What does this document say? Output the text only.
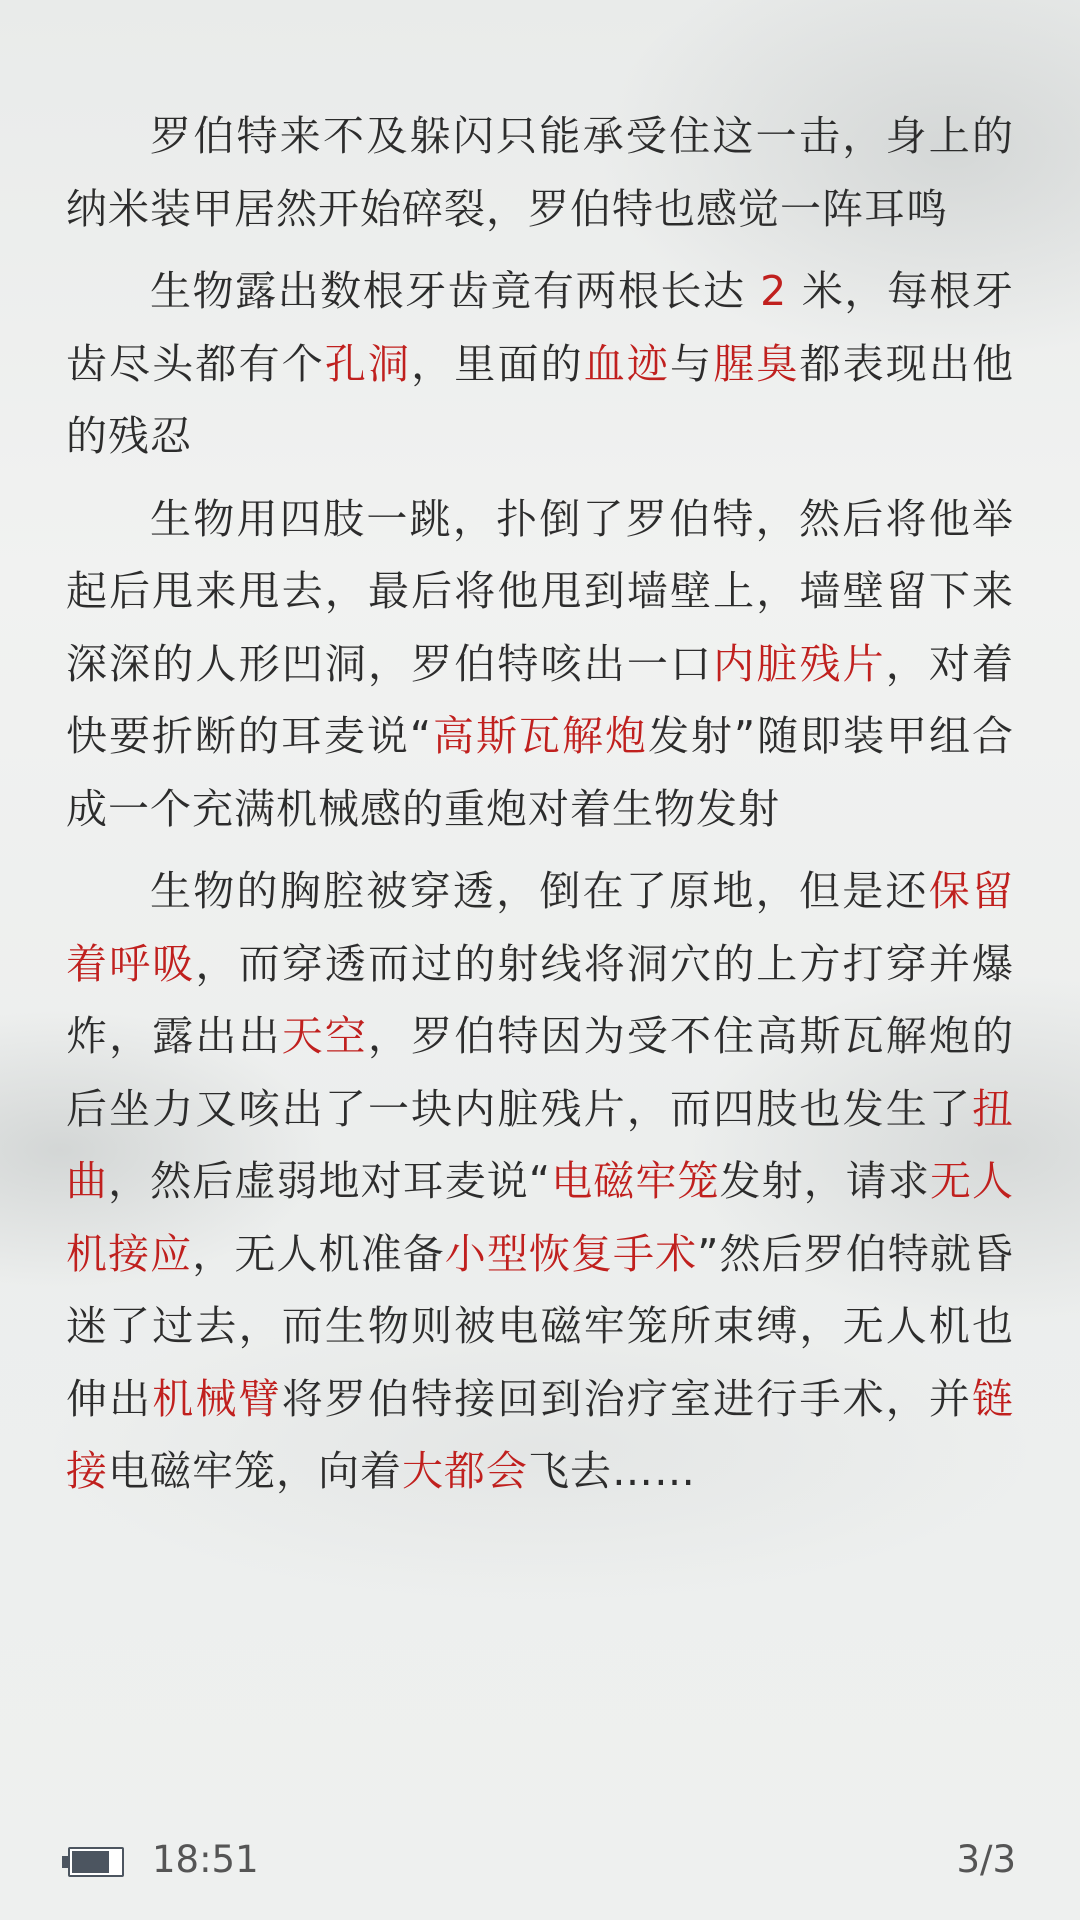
罗伯特来不及躲闪只能承受住这一击，身上的纳米装甲居然开始碎裂，罗伯特也感觉一阵耳鸣

生物露出数根牙齿竟有两根长达 2 米，每根牙齿尽头都有个孔洞，里面的血迹与腥臭都表现出他的残忍

生物用四肢一跳，扑倒了罗伯特，然后将他举起后甩来甩去，最后将他甩到墙壁上，墙壁留下来深深的人形凹洞，罗伯特咳出一口内脏残片，对着快要折断的耳麦说“高斯瓦解炮发射”随即装甲组合成一个充满机械感的重炮对着生物发射

生物的胸腔被穿透，倒在了原地，但是还保留着呼吸，而穿透而过的射线将洞穴的上方打穿并爆炸，露出出天空，罗伯特因为受不住高斯瓦解炮的后坐力又咳出了一块内脏残片，而四肢也发生了扭曲，然后虚弱地对耳麦说“电磁牢笼发射，请求无人机接应，无人机准备小型恢复手术”然后罗伯特就昏迷了过去，而生物则被电磁牢笼所束缚，无人机也伸出机械臂将罗伯特接回到治疗室进行手术，并链接电磁牢笼，向着大都会飞去……

18:51	3/3
